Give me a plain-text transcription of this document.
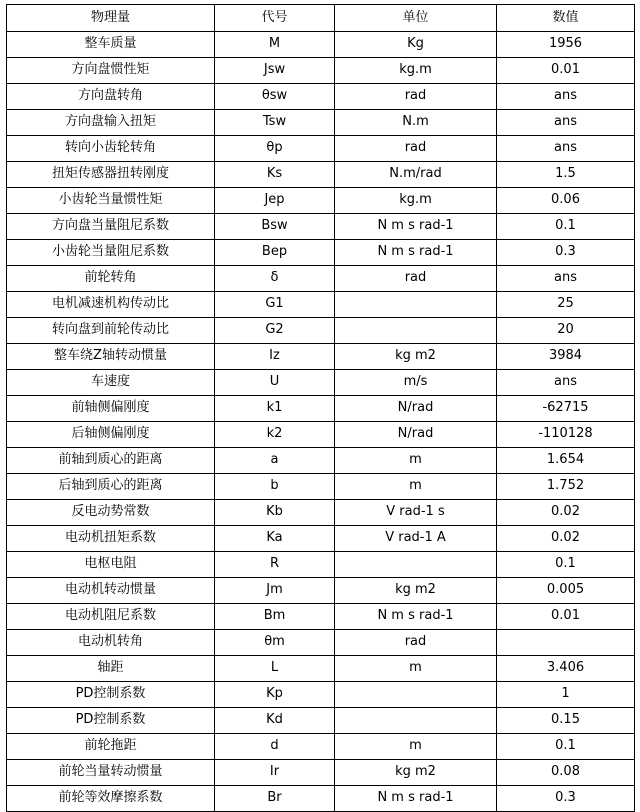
物理量	代号	单位	数值
整车质量	M	Kg	1956
方向盘惯性矩	Jsw	kg.m	0.01
方向盘转角	θsw	rad	ans
方向盘输入扭矩	Tsw	N.m	ans
转向小齿轮转角	θp	rad	ans
扭矩传感器扭转刚度	Ks	N.m/rad	1.5
小齿轮当量惯性矩	Jep	kg.m	0.06
方向盘当量阻尼系数	Bsw	N m s rad-1	0.1
小齿轮当量阻尼系数	Bep	N m s rad-1	0.3
前轮转角	δ	rad	ans
电机减速机构传动比	G1		25
转向盘到前轮传动比	G2		20
整车绕Z轴转动惯量	Iz	kg m2	3984
车速度	U	m/s	ans
前轴侧偏刚度	k1	N/rad	-62715
后轴侧偏刚度	k2	N/rad	-110128
前轴到质心的距离	a	m	1.654
后轴到质心的距离	b	m	1.752
反电动势常数	Kb	V rad-1 s	0.02
电动机扭矩系数	Ka	V rad-1 A	0.02
电枢电阻	R		0.1
电动机转动惯量	Jm	kg m2	0.005
电动机阻尼系数	Bm	N m s rad-1	0.01
电动机转角	θm	rad	
轴距	L	m	3.406
PD控制系数	Kp		1
PD控制系数	Kd		0.15
前轮拖距	d	m	0.1
前轮当量转动惯量	Ir	kg m2	0.08
前轮等效摩擦系数	Br	N m s rad-1	0.3
